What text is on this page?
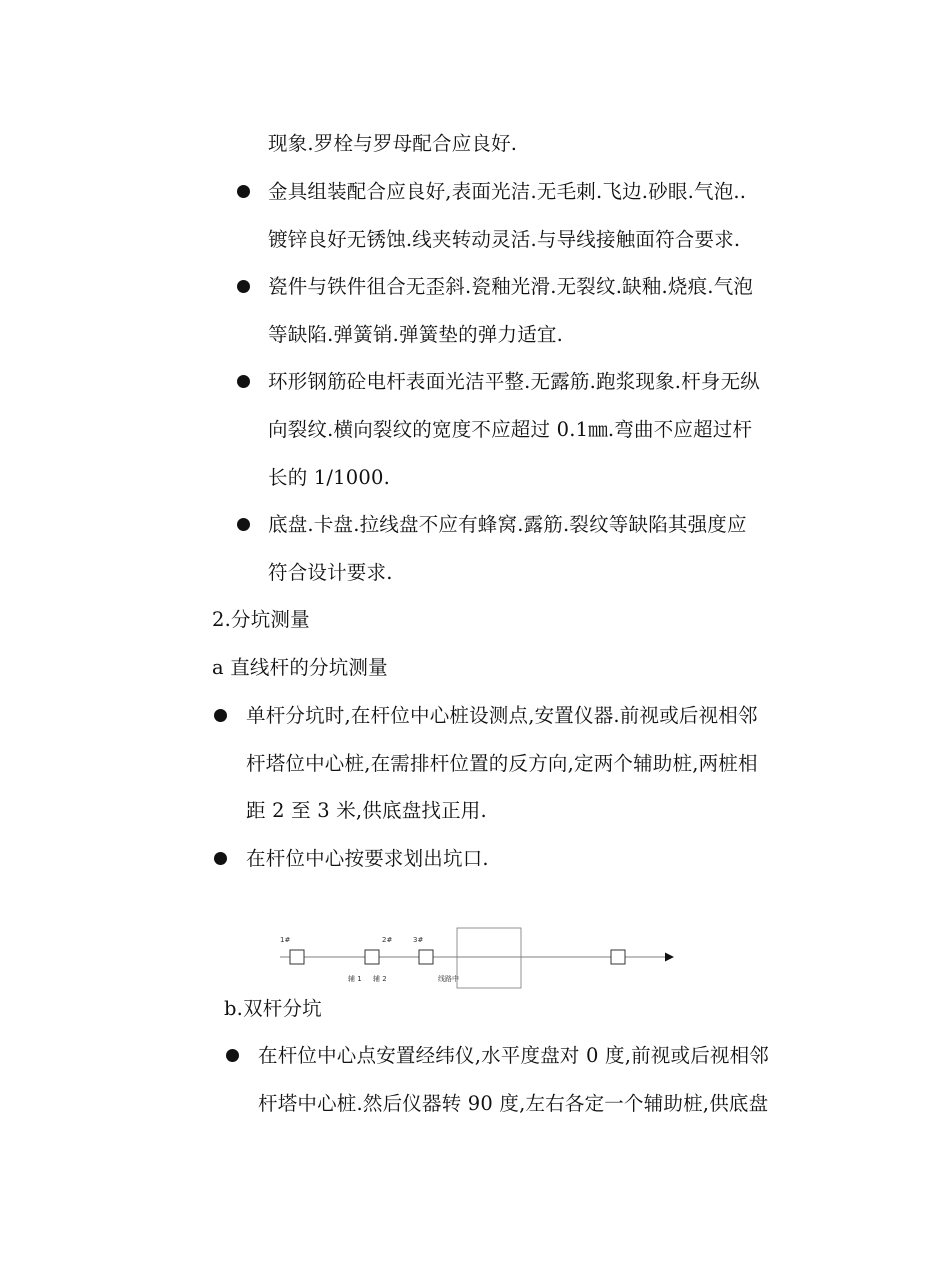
现象.罗栓与罗母配合应良好.
金具组装配合应良好,表面光洁.无毛刺.飞边.砂眼.气泡..
镀锌良好无锈蚀.线夹转动灵活.与导线接触面符合要求.
瓷件与铁件徂合无歪斜.瓷釉光滑.无裂纹.缺釉.烧痕.气泡
等缺陷.弹簧销.弹簧垫的弹力适宜.
环形钢筋砼电杆表面光洁平整.无露筋.跑浆现象.杆身无纵
向裂纹.横向裂纹的宽度不应超过 0.1㎜.弯曲不应超过杆
长的 1/1000.
底盘.卡盘.拉线盘不应有蜂窝.露筋.裂纹等缺陷其强度应
符合设计要求.
2.分坑测量
a 直线杆的分坑测量
单杆分坑时,在杆位中心桩设测点,安置仪器.前视或后视相邻
杆塔位中心桩,在需排杆位置的反方向,定两个辅助桩,两桩相
距 2 至 3 米,供底盘找正用.
在杆位中心按要求划出坑口.
1#	2#	3#
辅 1 辅 2	线路中
b.双杆分坑
在杆位中心点安置经纬仪,水平度盘对 0 度,前视或后视相邻
杆塔中心桩.然后仪器转 90 度,左右各定一个辅助桩,供底盘
